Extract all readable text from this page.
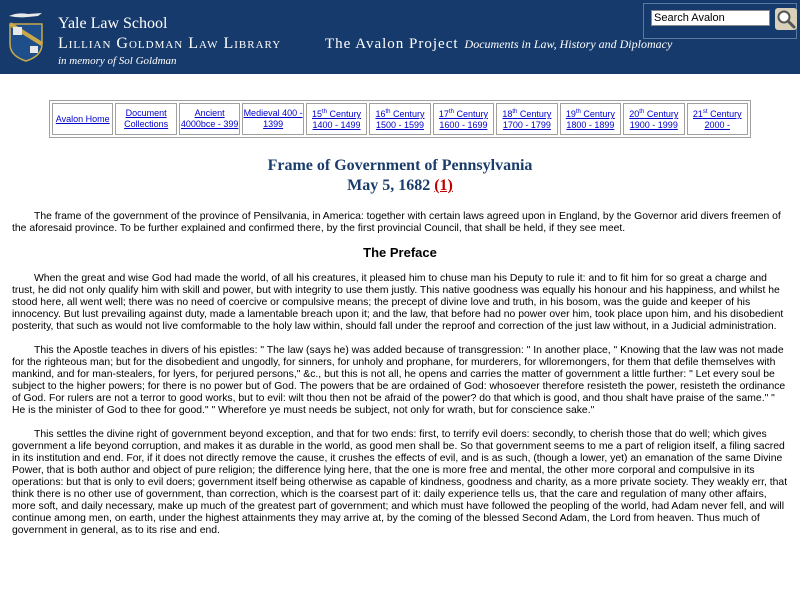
Yale Law School
Lillian Goldman Law Library
in memory of Sol Goldman
The Avalon Project Documents in Law, History and Diplomacy
Search Avalon
Avalon Home
Document Collections
Ancient 4000bce - 399
Medieval 400 - 1399
15th Century 1400 - 1499
16th Century 1500 - 1599
17th Century 1600 - 1699
18th Century 1700 - 1799
19th Century 1800 - 1899
20th Century 1900 - 1999
21st Century 2000 -
Frame of Government of Pennsylvania
May 5, 1682 (1)

The frame of the government of the province of Pensilvania, in America: together with certain laws agreed upon in England, by the Governor arid divers freemen of the aforesaid province. To be further explained and confirmed there, by the first provincial Council, that shall be held, if they see meet.

The Preface

When the great and wise God had made the world, of all his creatures, it pleased him to chuse man his Deputy to rule it: and to fit him for so great a charge and trust, he did not only qualify him with skill and power, but with integrity to use them justly. This native goodness was equally his honour and his happiness, and whilst he stood here, all went well; there was no need of coercive or compulsive means; the precept of divine love and truth, in his bosom, was the guide and keeper of his innocency. But lust prevailing against duty, made a lamentable breach upon it; and the law, that before had no power over him, took place upon him, and his disobedient posterity, that such as would not live comformable to the holy law within, should fall under the reproof and correction of the just law without, in a Judicial administration.

This the Apostle teaches in divers of his epistles: " The law (says he) was added because of transgression: " In another place, " Knowing that the law was not made for the righteous man; but for the disobedient and ungodly, for sinners, for unholy and prophane, for murderers, for wlloremongers, for them that defile themselves with mankind, and for man-stealers, for lyers, for perjured persons," &c., but this is not all, he opens and carries the matter of government a little further: " Let every soul be subject to the higher powers; for there is no power but of God. The powers that be are ordained of God: whosoever therefore resisteth the power, resisteth the ordinance of God. For rulers are not a terror to good works, but to evil: wilt thou then not be afraid of the power? do that which is good, and thou shalt have praise of the same." " He is the minister of God to thee for good." " Wherefore ye must needs be subject, not only for wrath, but for conscience sake."

This settles the divine right of government beyond exception, and that for two ends: first, to terrify evil doers: secondly, to cherish those that do well; which gives government a life beyond corruption, and makes it as durable in the world, as good men shall be. So that government seems to me a part of religion itself, a filing sacred in its institution and end. For, if it does not directly remove the cause, it crushes the effects of evil, and is as such, (though a lower, yet) an emanation of the same Divine Power, that is both author and object of pure religion; the difference lying here, that the one is more free and mental, the other more corporal and compulsive in its operations: but that is only to evil doers; government itself being otherwise as capable of kindness, goodness and charity, as a more private society. They weakly err, that think there is no other use of government, than correction, which is the coarsest part of it: daily experience tells us, that the care and regulation of many other affairs, more soft, and daily necessary, make up much of the greatest part of government; and which must have followed the peopling of the world, had Adam never fell, and will continue among men, on earth, under the highest attainments they may arrive at, by the coming of the blessed Second Adam, the Lord from heaven. Thus much of government in general, as to its rise and end.
